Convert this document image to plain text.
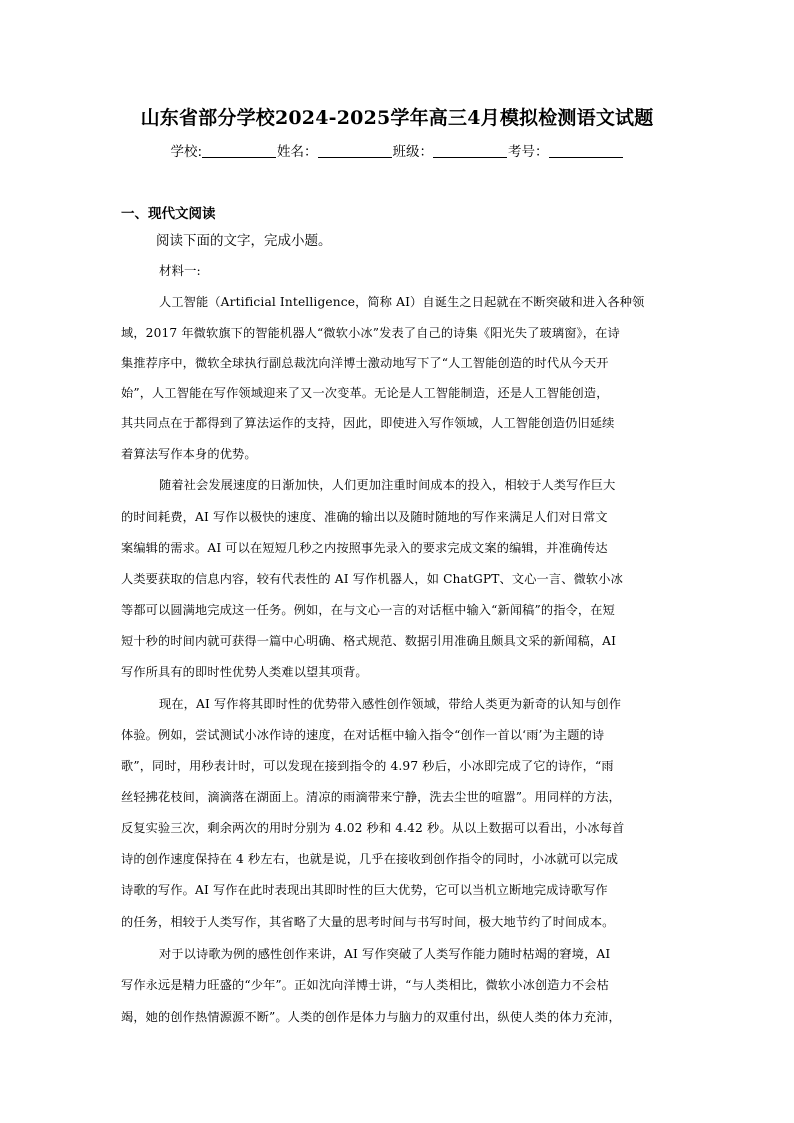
山东省部分学校2024-2025学年高三4月模拟检测语文试题
学校:	姓名：	班级：	考号：
一、现代文阅读
阅读下面的文字，完成小题。
材料一:
人工智能（Artificial Intelligence，简称 AI）自诞生之日起就在不断突破和进入各种领
域，2017 年微软旗下的智能机器人“微软小冰”发表了自己的诗集《阳光失了玻璃窗》，在诗
集推荐序中，微软全球执行副总裁沈向洋博士激动地写下了“人工智能创造的时代从今天开
始”，人工智能在写作领域迎来了又一次变革。无论是人工智能制造，还是人工智能创造，
其共同点在于都得到了算法运作的支持，因此，即使进入写作领域，人工智能创造仍旧延续
着算法写作本身的优势。
随着社会发展速度的日渐加快，人们更加注重时间成本的投入，相较于人类写作巨大
的时间耗费，AI 写作以极快的速度、准确的输出以及随时随地的写作来满足人们对日常文
案编辑的需求。AI 可以在短短几秒之内按照事先录入的要求完成文案的编辑，并准确传达
人类要获取的信息内容，较有代表性的 AI 写作机器人，如 ChatGPT、文心一言、微软小冰
等都可以圆满地完成这一任务。例如，在与文心一言的对话框中输入“新闻稿”的指令，在短
短十秒的时间内就可获得一篇中心明确、格式规范、数据引用准确且颇具文采的新闻稿，AI
写作所具有的即时性优势人类难以望其项背。
现在，AI 写作将其即时性的优势带入感性创作领域，带给人类更为新奇的认知与创作
体验。例如，尝试测试小冰作诗的速度，在对话框中输入指令“创作一首以‘雨’为主题的诗
歌”，同时，用秒表计时，可以发现在接到指令的 4.97 秒后，小冰即完成了它的诗作，“雨
丝轻拂花枝间，滴滴落在湖面上。清凉的雨滴带来宁静，洗去尘世的喧嚣”。用同样的方法，
反复实验三次，剩余两次的用时分别为 4.02 秒和 4.42 秒。从以上数据可以看出，小冰每首
诗的创作速度保持在 4 秒左右，也就是说，几乎在接收到创作指令的同时，小冰就可以完成
诗歌的写作。AI 写作在此时表现出其即时性的巨大优势，它可以当机立断地完成诗歌写作
的任务，相较于人类写作，其省略了大量的思考时间与书写时间，极大地节约了时间成本。
对于以诗歌为例的感性创作来讲，AI 写作突破了人类写作能力随时枯竭的窘境，AI
写作永远是精力旺盛的“少年”。正如沈向洋博士讲，“与人类相比，微软小冰创造力不会枯
竭，她的创作热情源源不断”。人类的创作是体力与脑力的双重付出，纵使人类的体力充沛，
